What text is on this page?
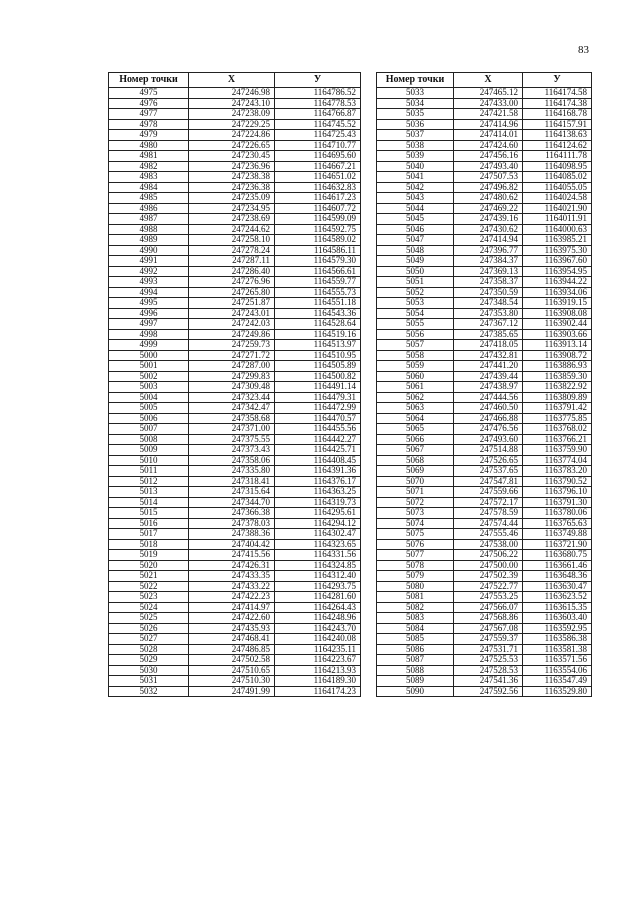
83
Номер точки	X	У
4975	247246.98	1164786.52
4976	247243.10	1164778.53
4977	247238.09	1164766.87
4978	247229.25	1164745.52
4979	247224.86	1164725.43
4980	247226.65	1164710.77
4981	247230.45	1164695.60
4982	247236.96	1164667.21
4983	247238.38	1164651.02
4984	247236.38	1164632.83
4985	247235.09	1164617.23
4986	247234.95	1164607.72
4987	247238.69	1164599.09
4988	247244.62	1164592.75
4989	247258.10	1164589.02
4990	247278.24	1164586.11
4991	247287.11	1164579.30
4992	247286.40	1164566.61
4993	247276.96	1164559.77
4994	247265.80	1164555.73
4995	247251.87	1164551.18
4996	247243.01	1164543.36
4997	247242.03	1164528.64
4998	247249.86	1164519.16
4999	247259.73	1164513.97
5000	247271.72	1164510.95
5001	247287.00	1164505.89
5002	247299.83	1164500.82
5003	247309.48	1164491.14
5004	247323.44	1164479.31
5005	247342.47	1164472.99
5006	247358.68	1164470.57
5007	247371.00	1164455.56
5008	247375.55	1164442.27
5009	247373.43	1164425.71
5010	247358.06	1164408.45
5011	247335.80	1164391.36
5012	247318.41	1164376.17
5013	247315.64	1164363.25
5014	247344.70	1164319.73
5015	247366.38	1164295.61
5016	247378.03	1164294.12
5017	247388.36	1164302.47
5018	247404.42	1164323.65
5019	247415.56	1164331.56
5020	247426.31	1164324.85
5021	247433.35	1164312.40
5022	247433.22	1164293.75
5023	247422.23	1164281.60
5024	247414.97	1164264.43
5025	247422.60	1164248.96
5026	247435.93	1164243.70
5027	247468.41	1164240.08
5028	247486.85	1164235.11
5029	247502.58	1164223.67
5030	247510.65	1164213.93
5031	247510.30	1164189.30
5032	247491.99	1164174.23
Номер точки	X	У
5033	247465.12	1164174.58
5034	247433.00	1164174.38
5035	247421.58	1164168.78
5036	247414.96	1164157.91
5037	247414.01	1164138.63
5038	247424.60	1164124.62
5039	247456.16	1164111.78
5040	247493.40	1164098.95
5041	247507.53	1164085.02
5042	247496.82	1164055.05
5043	247480.62	1164024.58
5044	247469.22	1164021.90
5045	247439.16	1164011.91
5046	247430.62	1164000.63
5047	247414.94	1163985.21
5048	247396.77	1163975.30
5049	247384.37	1163967.60
5050	247369.13	1163954.95
5051	247358.37	1163944.22
5052	247350.59	1163934.06
5053	247348.54	1163919.15
5054	247353.80	1163908.08
5055	247367.12	1163902.44
5056	247385.65	1163903.66
5057	247418.05	1163913.14
5058	247432.81	1163908.72
5059	247441.20	1163886.93
5060	247439.44	1163859.30
5061	247438.97	1163822.92
5062	247444.56	1163809.89
5063	247460.50	1163791.42
5064	247466.88	1163775.85
5065	247476.56	1163768.02
5066	247493.60	1163766.21
5067	247514.88	1163759.90
5068	247526.65	1163774.04
5069	247537.65	1163783.20
5070	247547.81	1163790.52
5071	247559.66	1163796.10
5072	247572.17	1163791.30
5073	247578.59	1163780.06
5074	247574.44	1163765.63
5075	247555.46	1163749.88
5076	247538.00	1163721.90
5077	247506.22	1163680.75
5078	247500.00	1163661.46
5079	247502.39	1163648.36
5080	247522.77	1163630.47
5081	247553.25	1163623.52
5082	247566.07	1163615.35
5083	247568.86	1163603.40
5084	247567.08	1163592.95
5085	247559.37	1163586.38
5086	247531.71	1163581.38
5087	247525.53	1163571.56
5088	247528.53	1163554.06
5089	247541.36	1163547.49
5090	247592.56	1163529.80
